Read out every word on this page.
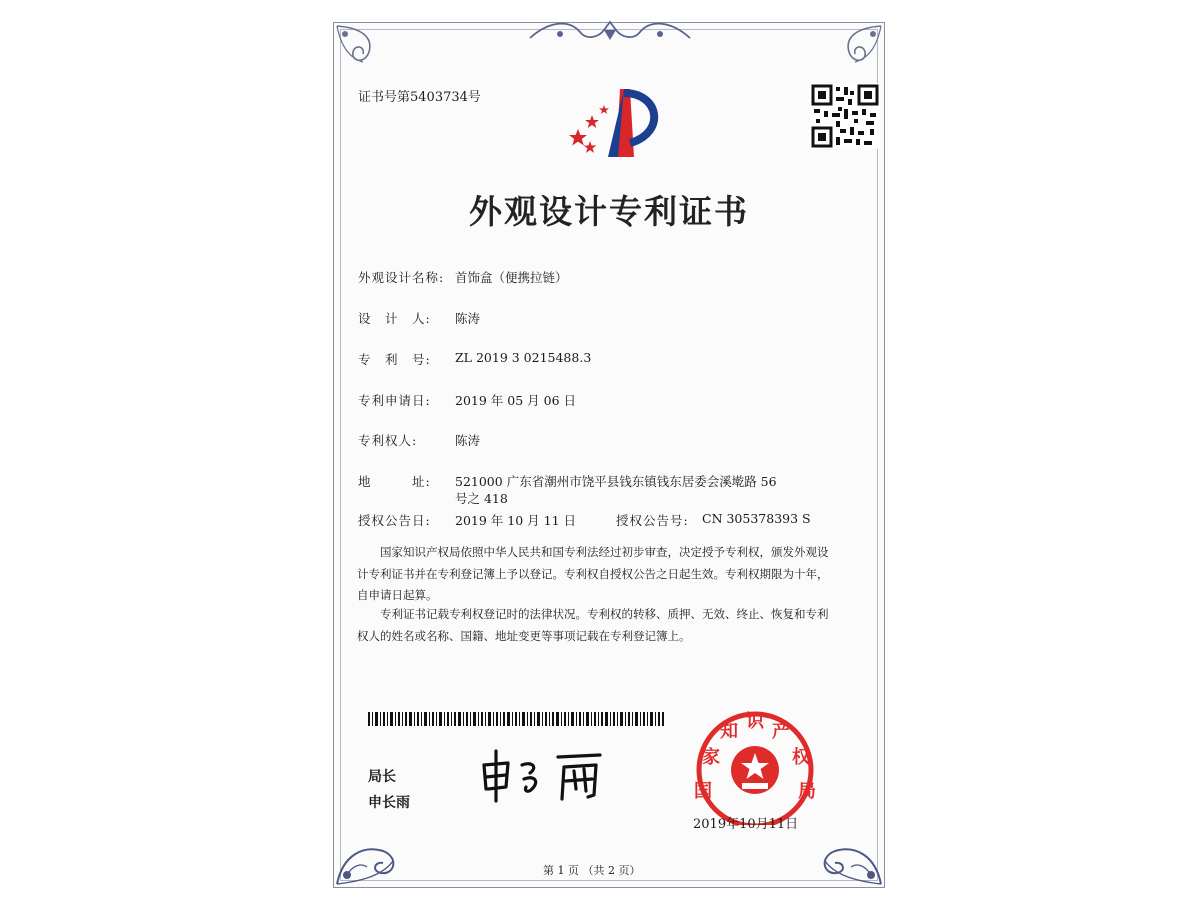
证书号第5403734号
外观设计专利证书
外观设计名称: 首饰盒（便携拉链）
设　计　人: 陈涛
专　利　号: ZL 2019 3 0215488.3
专利申请日: 2019 年 05 月 06 日
专利权人:	陈涛
地　　　址: 521000 广东省潮州市饶平县钱东镇钱东居委会溪墘路 56
号之 418
授权公告日: 2019 年 10 月 11 日	授权公告号: CN 305378393 S
国家知识产权局依照中华人民共和国专利法经过初步审查，决定授予专利权，颁发外观设计专利证书并在专利登记簿上予以登记。专利权自授权公告之日起生效。专利权期限为十年，自申请日起算。
专利证书记载专利权登记时的法律状况。专利权的转移、质押、无效、终止、恢复和专利权人的姓名或名称、国籍、地址变更等事项记载在专利登记簿上。
局长
申长雨
家
知 识 产
权
国	局
2019年10月11日
第 1 页 （共 2 页）
